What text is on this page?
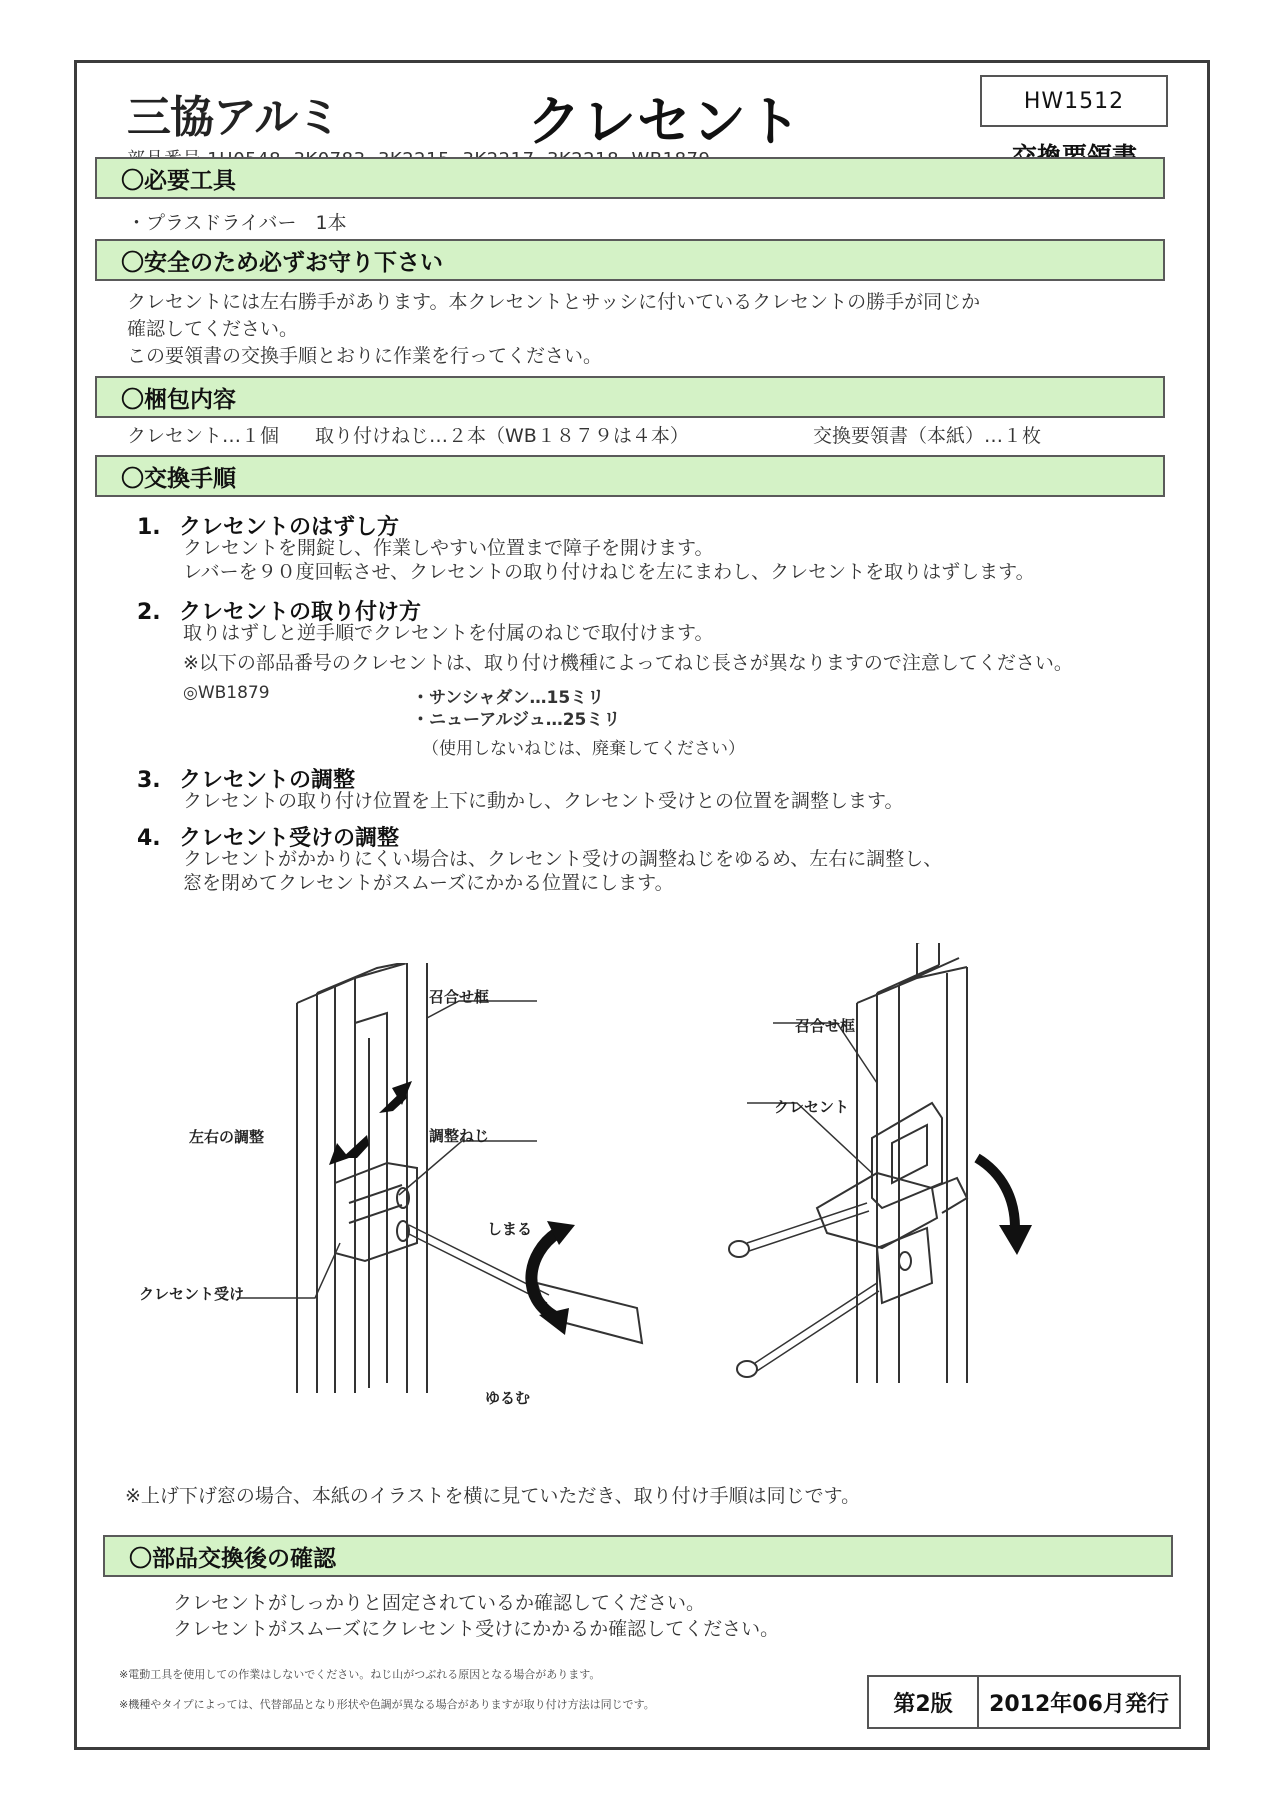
三協アルミ	クレセント	HW1512
〇必要工具
・プラスドライバー　1本
〇安全のため必ずお守り下さい
クレセントには左右勝手があります。本クレセントとサッシに付いているクレセントの勝手が同じか
確認してください。
この要領書の交換手順とおりに作業を行ってください。
〇梱包内容
クレセント…１個 取り付けねじ…２本（WB１８７９は４本）	交換要領書（本紙）…１枚
〇交換手順
1. クレセントのはずし方
クレセントを開錠し、作業しやすい位置まで障子を開けます。
レバーを９０度回転させ、クレセントの取り付けねじを左にまわし、クレセントを取りはずします。
2. クレセントの取り付け方
取りはずしと逆手順でクレセントを付属のねじで取付けます。
※以下の部品番号のクレセントは、取り付け機種によってねじ長さが異なりますので注意してください。
◎WB1879	・サンシャダン…15ミリ
・ニューアルジュ…25ミリ
（使用しないねじは、廃棄してください）
3. クレセントの調整
クレセントの取り付け位置を上下に動かし、クレセント受けとの位置を調整します。
4. クレセント受けの調整
クレセントがかかりにくい場合は、クレセント受けの調整ねじをゆるめ、左右に調整し、
窓を閉めてクレセントがスムーズにかかる位置にします。
召合せ框
左右の調整	調整ねじ
クレセント受け
しまる
ゆるむ
召合せ框
クレセント
※上げ下げ窓の場合、本紙のイラストを横に見ていただき、取り付け手順は同じです。
〇部品交換後の確認
クレセントがしっかりと固定されているか確認してください。
クレセントがスムーズにクレセント受けにかかるか確認してください。
※電動工具を使用しての作業はしないでください。ねじ山がつぶれる原因となる場合があります。
※機種やタイプによっては、代替部品となり形状や色調が異なる場合がありますが取り付け方法は同じです。	第2版	2012年06月発行
